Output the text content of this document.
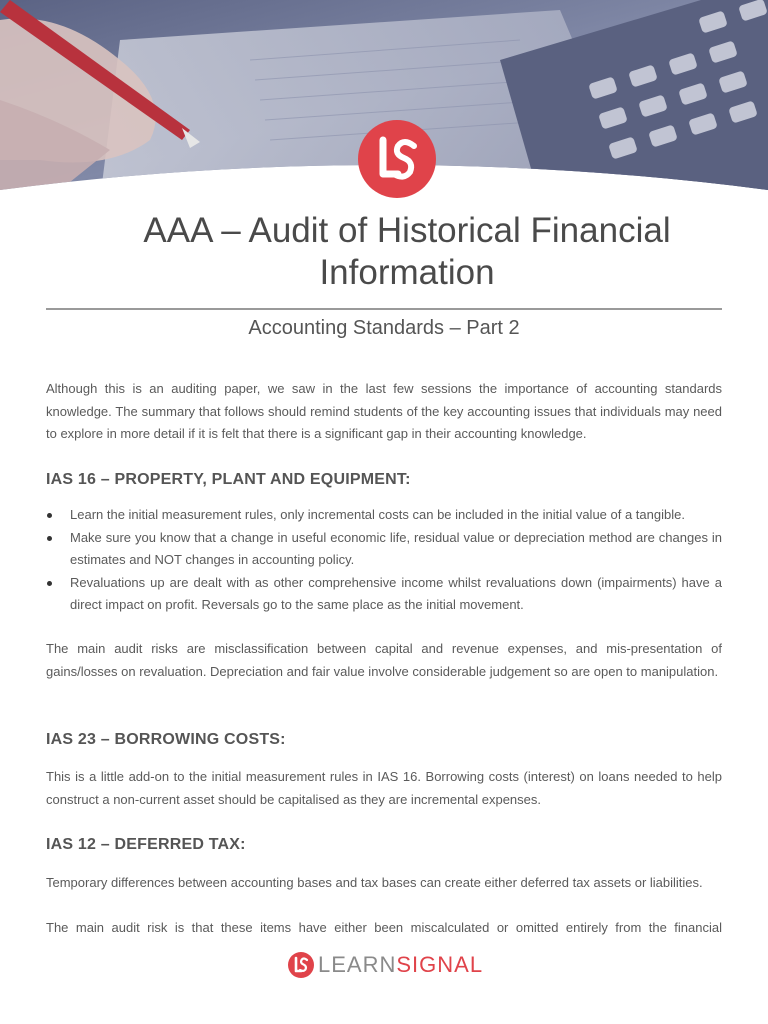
AAA – Audit of Historical Financial
Information
Accounting Standards – Part 2

Although this is an auditing paper, we saw in the last few sessions the importance of accounting standards knowledge. The summary that follows should remind students of the key accounting issues that individuals may need to explore in more detail if it is felt that there is a significant gap in their accounting knowledge.

IAS 16 – PROPERTY, PLANT AND EQUIPMENT:
Learn the initial measurement rules, only incremental costs can be included in the initial value of a tangible.
Make sure you know that a change in useful economic life, residual value or depreciation method are changes in estimates and NOT changes in accounting policy.
Revaluations up are dealt with as other comprehensive income whilst revaluations down (impairments) have a direct impact on profit. Reversals go to the same place as the initial movement.

The main audit risks are misclassification between capital and revenue expenses, and mis-presentation of gains/losses on revaluation. Depreciation and fair value involve considerable judgement so are open to manipulation.

IAS 23 – BORROWING COSTS:

This is a little add-on to the initial measurement rules in IAS 16. Borrowing costs (interest) on loans needed to help construct a non-current asset should be capitalised as they are incremental expenses.

IAS 12 – DEFERRED TAX:

Temporary differences between accounting bases and tax bases can create either deferred tax assets or liabilities.

The main audit risk is that these items have either been miscalculated or omitted entirely from the financial

LEARN SIGNAL
